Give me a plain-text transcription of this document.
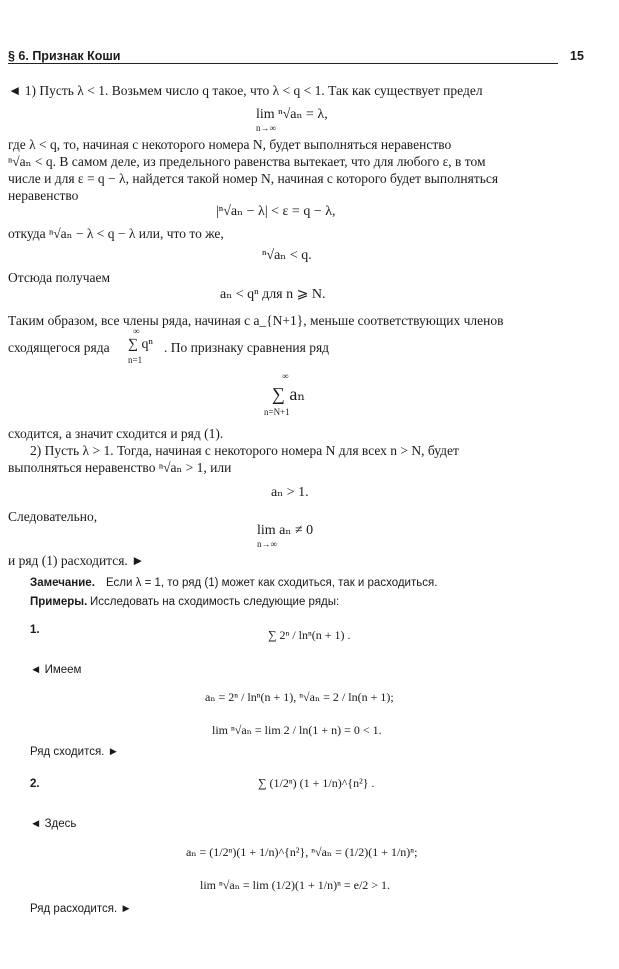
§ 6. Признак Коши	15
◄ 1) Пусть λ < 1. Возьмем число q такое, что λ < q < 1. Так как существует предел
lim ⁿ√aₙ = λ,
n→∞
где λ < q, то, начиная с некоторого номера N, будет выполняться неравенство
ⁿ√aₙ < q. В самом деле, из предельного равенства вытекает, что для любого ε, в том
числе и для ε = q − λ, найдется такой номер N, начиная с которого будет выполняться
неравенство
|ⁿ√aₙ − λ| < ε = q − λ,
откуда ⁿ√aₙ − λ < q − λ или, что то же,
ⁿ√aₙ < q.
Отсюда получаем
aₙ < qⁿ для n ⩾ N.
Таким образом, все члены ряда, начиная с a_{N+1}, меньше соответствующих членов
сходящегося ряда
∞
∑ qⁿ
n=1
. По признаку сравнения ряд
∞
∑ aₙ
n=N+1
сходится, а значит сходится и ряд (1).
2) Пусть λ > 1. Тогда, начиная с некоторого номера N для всех n > N, будет
выполняться неравенство ⁿ√aₙ > 1, или
aₙ > 1.
Следовательно,
lim aₙ ≠ 0
n→∞
и ряд (1) расходится. ►
Замечание. Если λ = 1, то ряд (1) может как сходиться, так и расходиться.
Примеры. Исследовать на сходимость следующие ряды:
1.	∑ 2ⁿ / lnⁿ(n + 1) .
◄ Имеем
aₙ = 2ⁿ / lnⁿ(n + 1), ⁿ√aₙ = 2 / ln(n + 1);
lim ⁿ√aₙ = lim 2 / ln(1 + n) = 0 < 1.
Ряд сходится. ►
2.	∑ (1/2ⁿ) (1 + 1/n)^{n²} .
◄ Здесь
aₙ = (1/2ⁿ)(1 + 1/n)^{n²}, ⁿ√aₙ = (1/2)(1 + 1/n)ⁿ;
lim ⁿ√aₙ = lim (1/2)(1 + 1/n)ⁿ = e/2 > 1.
Ряд расходится. ►
